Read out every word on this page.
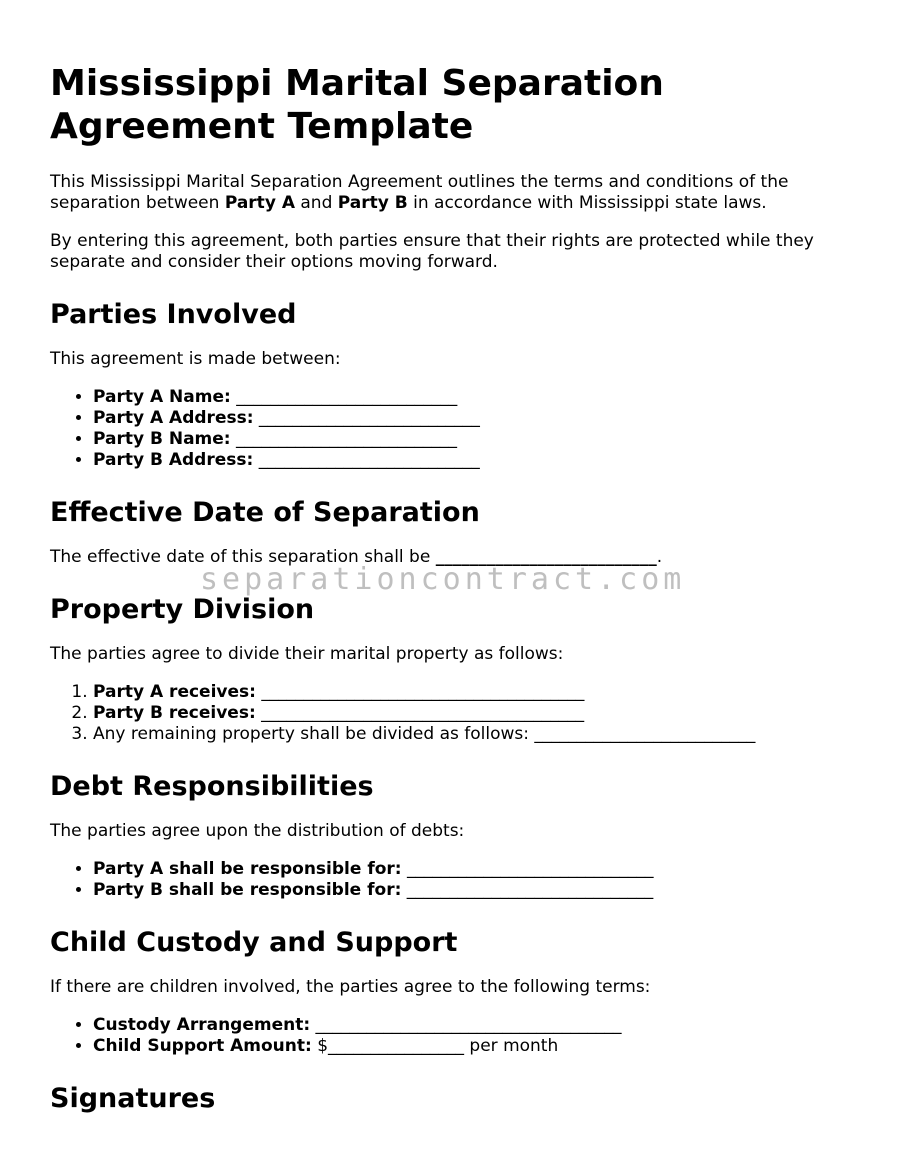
Mississippi Marital Separation Agreement Template

This Mississippi Marital Separation Agreement outlines the terms and conditions of the separation between Party A and Party B in accordance with Mississippi state laws.

By entering this agreement, both parties ensure that their rights are protected while they separate and consider their options moving forward.

Parties Involved

This agreement is made between:

• Party A Name: __________________________
• Party A Address: __________________________
• Party B Name: __________________________
• Party B Address: __________________________
Effective Date of Separation

The effective date of this separation shall be __________________________.

Property Division

The parties agree to divide their marital property as follows:

1. Party A receives: ______________________________________
2. Party B receives: ______________________________________
3. Any remaining property shall be divided as follows: __________________________
Debt Responsibilities

The parties agree upon the distribution of debts:

• Party A shall be responsible for: _____________________________
• Party B shall be responsible for: _____________________________
Child Custody and Support

If there are children involved, the parties agree to the following terms:

• Custody Arrangement: ____________________________________
• Child Support Amount: $________________ per month
Signatures
separationcontract.com
